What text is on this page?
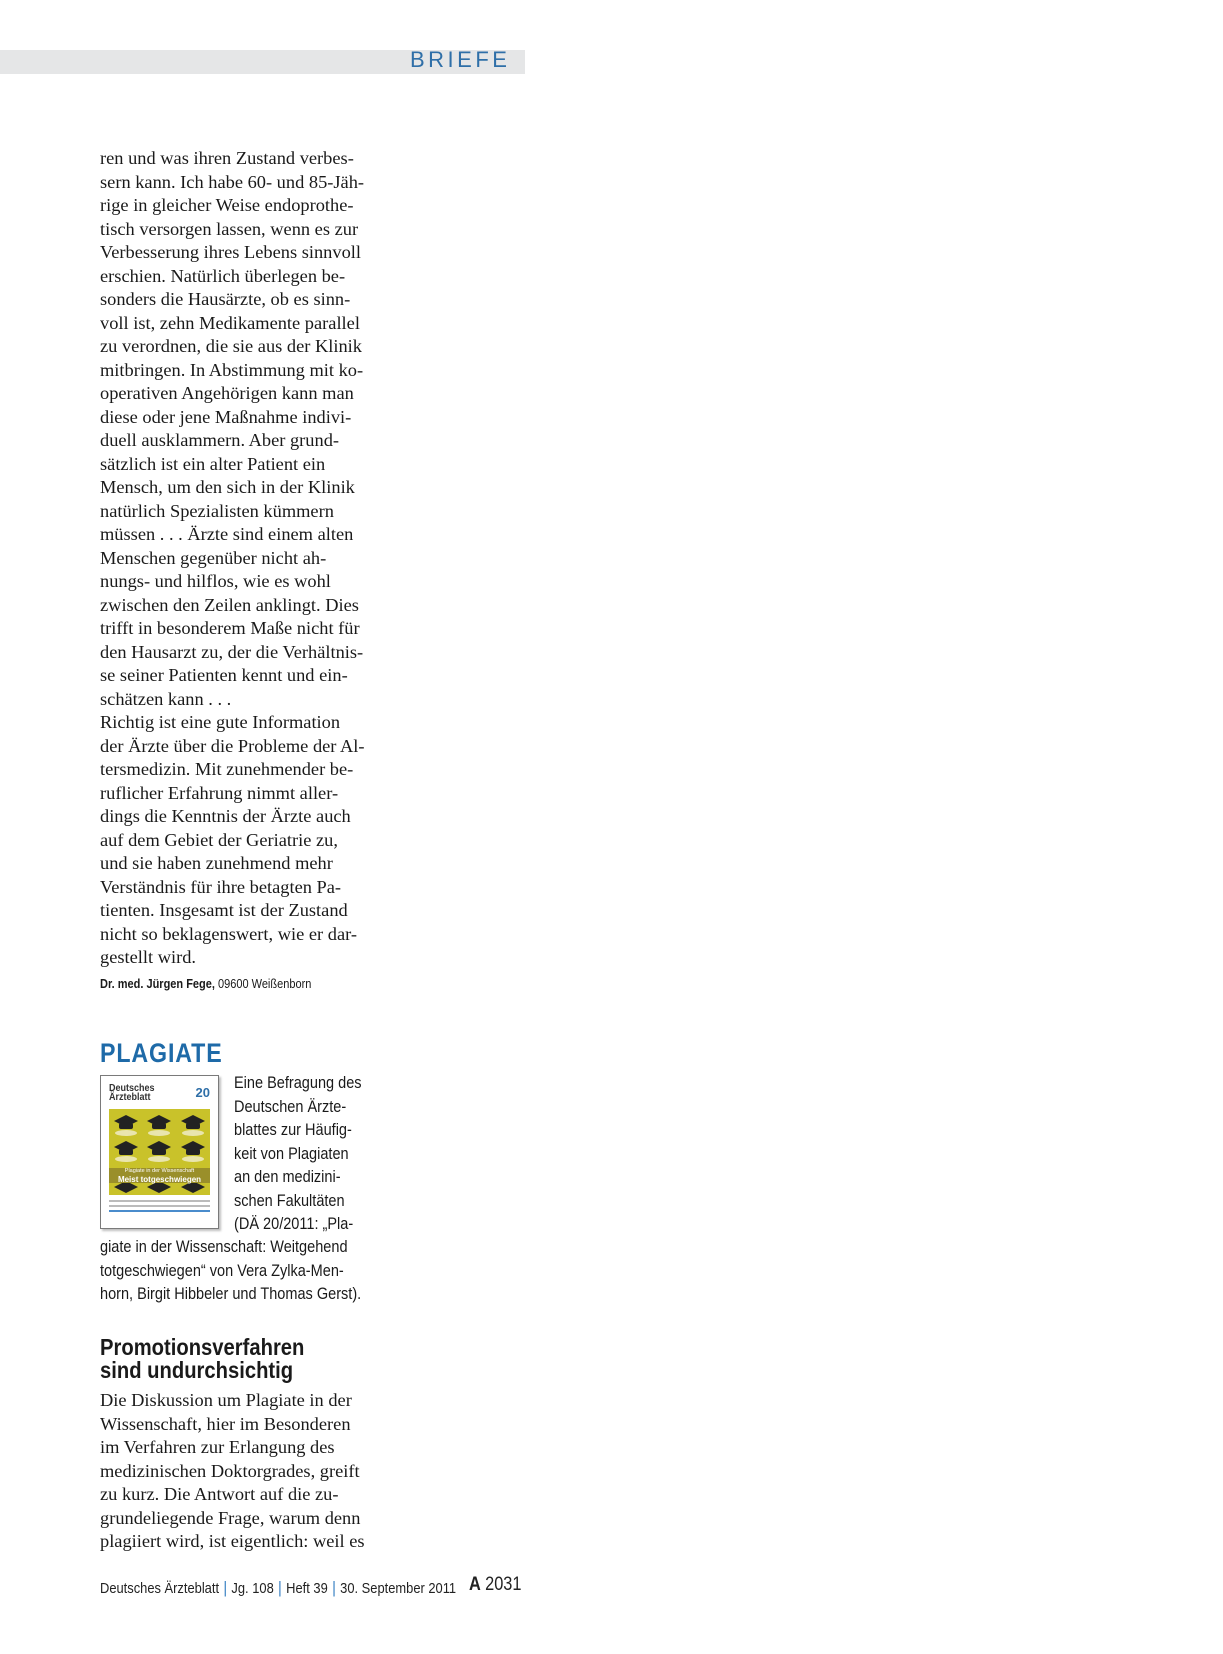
BRIEFE

ren und was ihren Zustand verbes-

sern kann. Ich habe 60- und 85-Jäh-

rige in gleicher Weise endoprothe-

tisch versorgen lassen, wenn es zur

Verbesserung ihres Lebens sinnvoll

erschien. Natürlich überlegen be-

sonders die Hausärzte, ob es sinn-

voll ist, zehn Medikamente parallel

zu verordnen, die sie aus der Klinik

mitbringen. In Abstimmung mit ko-

operativen Angehörigen kann man

diese oder jene Maßnahme indivi-

duell ausklammern. Aber grund-

sätzlich ist ein alter Patient ein

Mensch, um den sich in der Klinik

natürlich Spezialisten kümmern

müssen . . . Ärzte sind einem alten

Menschen gegenüber nicht ah-

nungs- und hilflos, wie es wohl

zwischen den Zeilen anklingt. Dies

trifft in besonderem Maße nicht für

den Hausarzt zu, der die Verhältnis-

se seiner Patienten kennt und ein-

schätzen kann . . .

Richtig ist eine gute Information

der Ärzte über die Probleme der Al-

tersmedizin. Mit zunehmender be-

ruflicher Erfahrung nimmt aller-

dings die Kenntnis der Ärzte auch

auf dem Gebiet der Geriatrie zu,

und sie haben zunehmend mehr

Verständnis für ihre betagten Pa-

tienten. Insgesamt ist der Zustand

nicht so beklagenswert, wie er dar-

gestellt wird.

Dr. med. Jürgen Fege, 09600 Weißenborn
PLAGIATE
Deutsches
Ärzteblatt	20
Plagiate in der Wissenschaft
Meist totgeschwiegen

Eine Befragung des

Deutschen Ärzte-

blattes zur Häufig-

keit von Plagiaten

an den medizini-

schen Fakultäten

(DÄ 20/2011: „Pla-

giate in der Wissenschaft: Weitgehend

totgeschwiegen“ von Vera Zylka-Men-

horn, Birgit Hibbeler und Thomas Gerst).

Promotionsverfahren
sind undurchsichtig

Die Diskussion um Plagiate in der

Wissenschaft, hier im Besonderen

im Verfahren zur Erlangung des

medizinischen Doktorgrades, greift

zu kurz. Die Antwort auf die zu-

grundeliegende Frage, warum denn

plagiiert wird, ist eigentlich: weil es

Deutsches Ärzteblatt | Jg. 108 | Heft 39 | 30. September 2011 A 2031
